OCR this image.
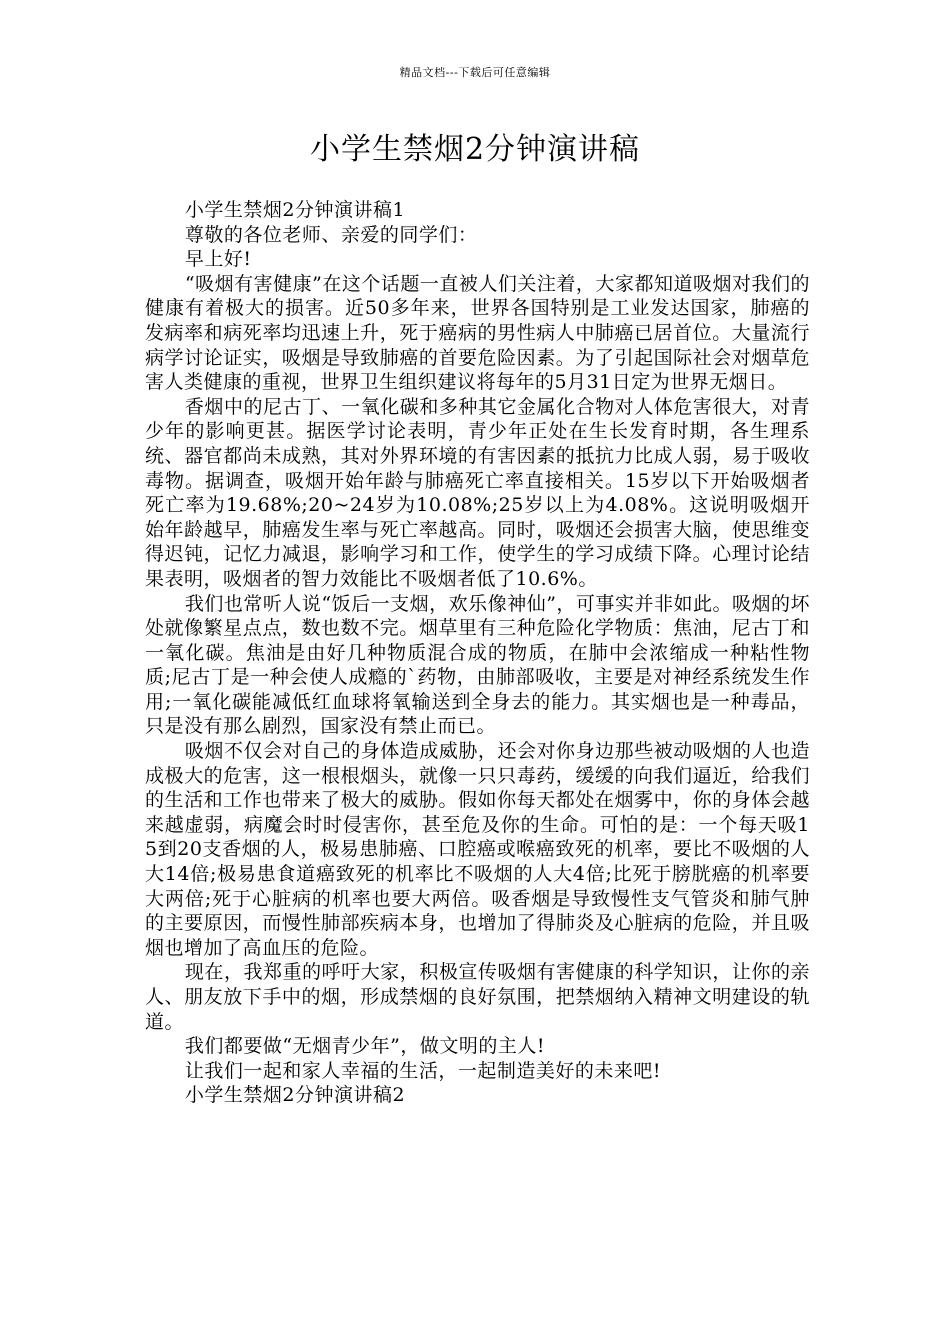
精品文档---下载后可任意编辑
小学生禁烟2分钟演讲稿

小学生禁烟2分钟演讲稿1

尊敬的各位老师、亲爱的同学们：

早上好!

“吸烟有害健康”在这个话题一直被人们关注着，大家都知道吸烟对我们的健康有着极大的损害。近50多年来，世界各国特别是工业发达国家，肺癌的发病率和病死率均迅速上升，死于癌病的男性病人中肺癌已居首位。大量流行病学讨论证实，吸烟是导致肺癌的首要危险因素。为了引起国际社会对烟草危害人类健康的重视，世界卫生组织建议将每年的5月31日定为世界无烟日。

香烟中的尼古丁、一氧化碳和多种其它金属化合物对人体危害很大，对青少年的影响更甚。据医学讨论表明，青少年正处在生长发育时期，各生理系统、器官都尚未成熟，其对外界环境的有害因素的抵抗力比成人弱，易于吸收毒物。据调查，吸烟开始年龄与肺癌死亡率直接相关。15岁以下开始吸烟者死亡率为19.68%;20~24岁为10.08%;25岁以上为4.08%。这说明吸烟开始年龄越早，肺癌发生率与死亡率越高。同时，吸烟还会损害大脑，使思维变得迟钝，记忆力减退，影响学习和工作，使学生的学习成绩下降。心理讨论结果表明，吸烟者的智力效能比不吸烟者低了10.6%。

我们也常听人说“饭后一支烟，欢乐像神仙”，可事实并非如此。吸烟的坏处就像繁星点点，数也数不完。烟草里有三种危险化学物质：焦油，尼古丁和一氧化碳。焦油是由好几种物质混合成的物质，在肺中会浓缩成一种粘性物质;尼古丁是一种会使人成瘾的`药物，由肺部吸收，主要是对神经系统发生作用;一氧化碳能减低红血球将氧输送到全身去的能力。其实烟也是一种毒品，只是没有那么剧烈，国家没有禁止而已。

吸烟不仅会对自己的身体造成威胁，还会对你身边那些被动吸烟的人也造成极大的危害，这一根根烟头，就像一只只毒药，缓缓的向我们逼近，给我们的生活和工作也带来了极大的威胁。假如你每天都处在烟雾中，你的身体会越来越虚弱，病魔会时时侵害你，甚至危及你的生命。可怕的是：一个每天吸15到20支香烟的人，极易患肺癌、口腔癌或喉癌致死的机率，要比不吸烟的人大14倍;极易患食道癌致死的机率比不吸烟的人大4倍;比死于膀胱癌的机率要大两倍;死于心脏病的机率也要大两倍。吸香烟是导致慢性支气管炎和肺气肿的主要原因，而慢性肺部疾病本身，也增加了得肺炎及心脏病的危险，并且吸烟也增加了高血压的危险。

现在，我郑重的呼吁大家，积极宣传吸烟有害健康的科学知识，让你的亲人、朋友放下手中的烟，形成禁烟的良好氛围，把禁烟纳入精神文明建设的轨道。

我们都要做“无烟青少年”，做文明的主人!

让我们一起和家人幸福的生活，一起制造美好的未来吧!

小学生禁烟2分钟演讲稿2
